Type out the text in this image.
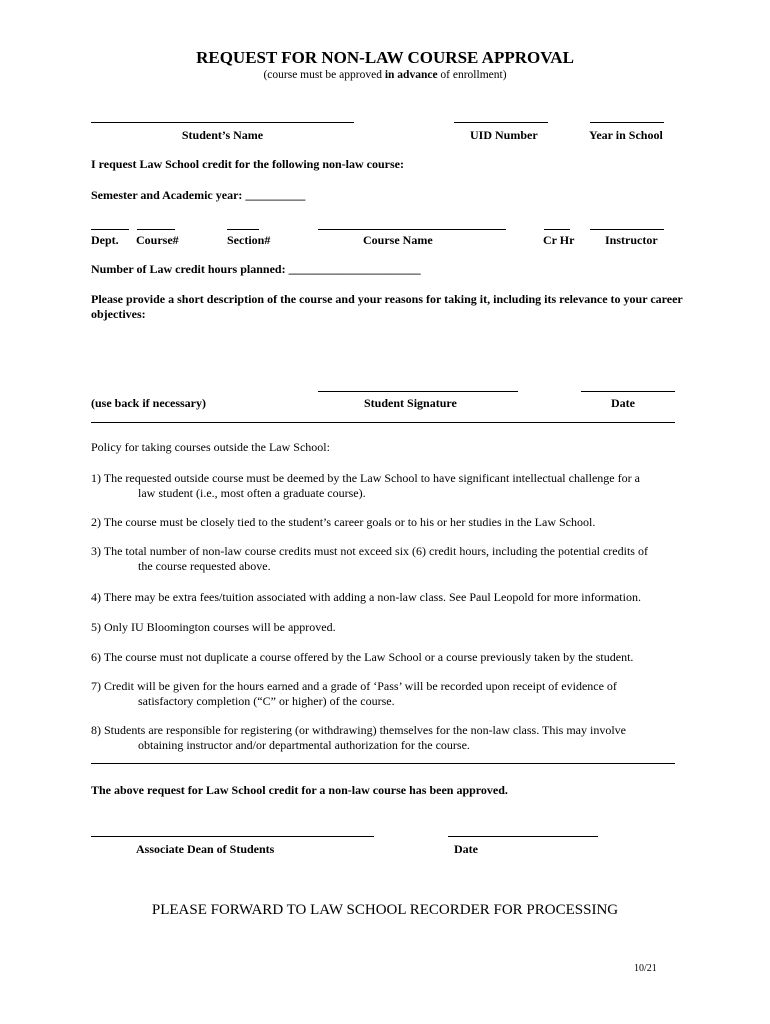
REQUEST FOR NON-LAW COURSE APPROVAL
(course must be approved in advance of enrollment)
Student’s Name	UID Number	Year in School
I request Law School credit for the following non-law course:
Semester and Academic year: __________
Dept. Course#	Section#	Course Name	Cr Hr	Instructor
Number of Law credit hours planned: ______________________
Please provide a short description of the course and your reasons for taking it, including its relevance to your career objectives:
(use back if necessary)	Student Signature	Date
Policy for taking courses outside the Law School:
1) The requested outside course must be deemed by the Law School to have significant intellectual challenge for a
law student (i.e., most often a graduate course).
2) The course must be closely tied to the student’s career goals or to his or her studies in the Law School.
3) The total number of non-law course credits must not exceed six (6) credit hours, including the potential credits of
the course requested above.
4) There may be extra fees/tuition associated with adding a non-law class. See Paul Leopold for more information.
5) Only IU Bloomington courses will be approved.
6) The course must not duplicate a course offered by the Law School or a course previously taken by the student.
7) Credit will be given for the hours earned and a grade of ‘Pass’ will be recorded upon receipt of evidence of
satisfactory completion (“C” or higher) of the course.
8) Students are responsible for registering (or withdrawing) themselves for the non-law class. This may involve
obtaining instructor and/or departmental authorization for the course.
The above request for Law School credit for a non-law course has been approved.
Associate Dean of Students	Date
PLEASE FORWARD TO LAW SCHOOL RECORDER FOR PROCESSING
10/21
